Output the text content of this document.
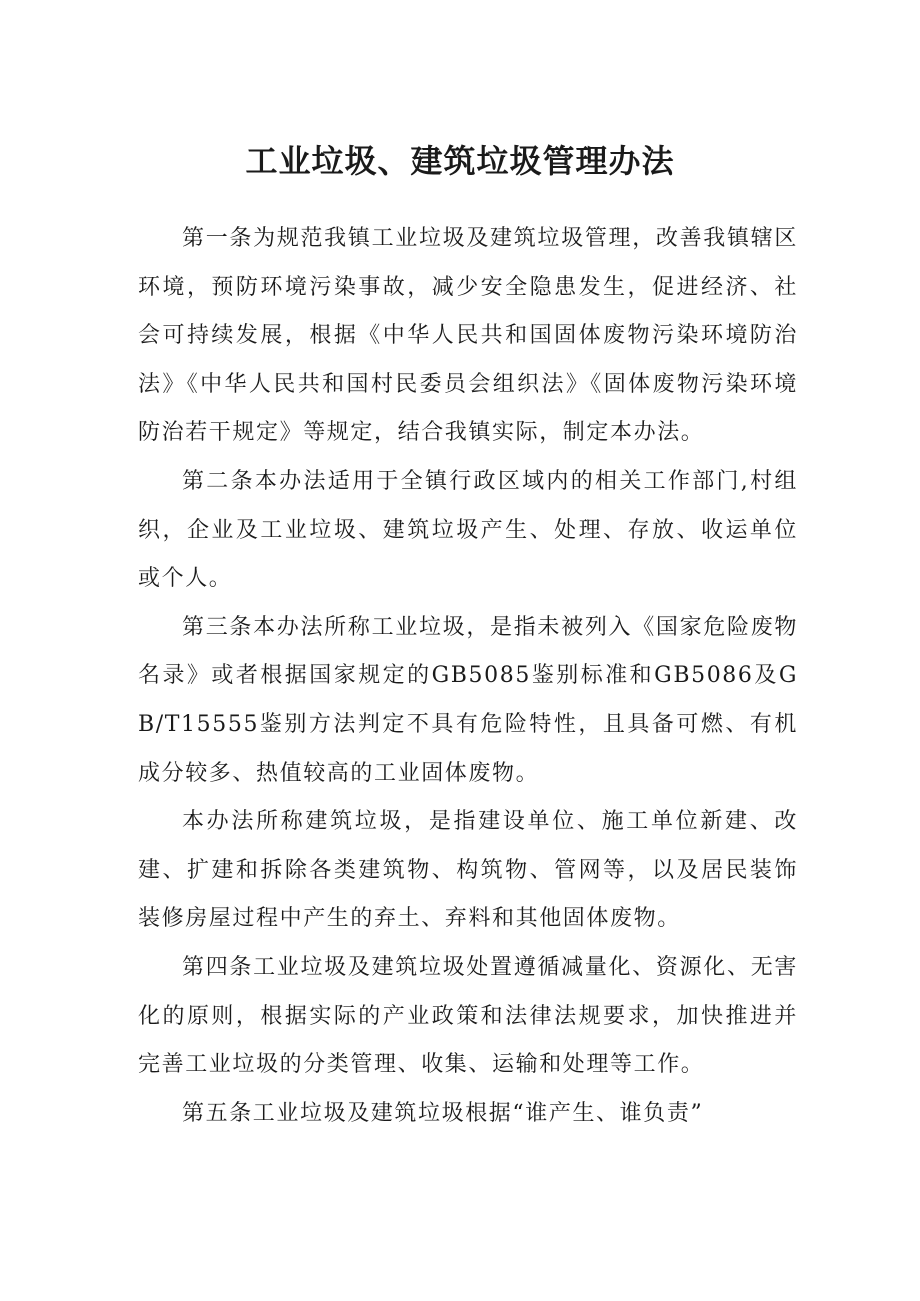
工业垃圾、建筑垃圾管理办法

第一条为规范我镇工业垃圾及建筑垃圾管理，改善我镇辖区环境，预防环境污染事故，减少安全隐患发生，促进经济、社会可持续发展，根据《中华人民共和国固体废物污染环境防治法》《中华人民共和国村民委员会组织法》《固体废物污染环境防治若干规定》等规定，结合我镇实际，制定本办法。

第二条本办法适用于全镇行政区域内的相关工作部门,村组织，企业及工业垃圾、建筑垃圾产生、处理、存放、收运单位或个人。

第三条本办法所称工业垃圾，是指未被列入《国家危险废物名录》或者根据国家规定的GB5085鉴别标准和GB5086及GB/T15555鉴别方法判定不具有危险特性，且具备可燃、有机成分较多、热值较高的工业固体废物。

本办法所称建筑垃圾，是指建设单位、施工单位新建、改建、扩建和拆除各类建筑物、构筑物、管网等，以及居民装饰装修房屋过程中产生的弃土、弃料和其他固体废物。

第四条工业垃圾及建筑垃圾处置遵循减量化、资源化、无害化的原则，根据实际的产业政策和法律法规要求，加快推进并完善工业垃圾的分类管理、收集、运输和处理等工作。

第五条工业垃圾及建筑垃圾根据“谁产生、谁负责”
